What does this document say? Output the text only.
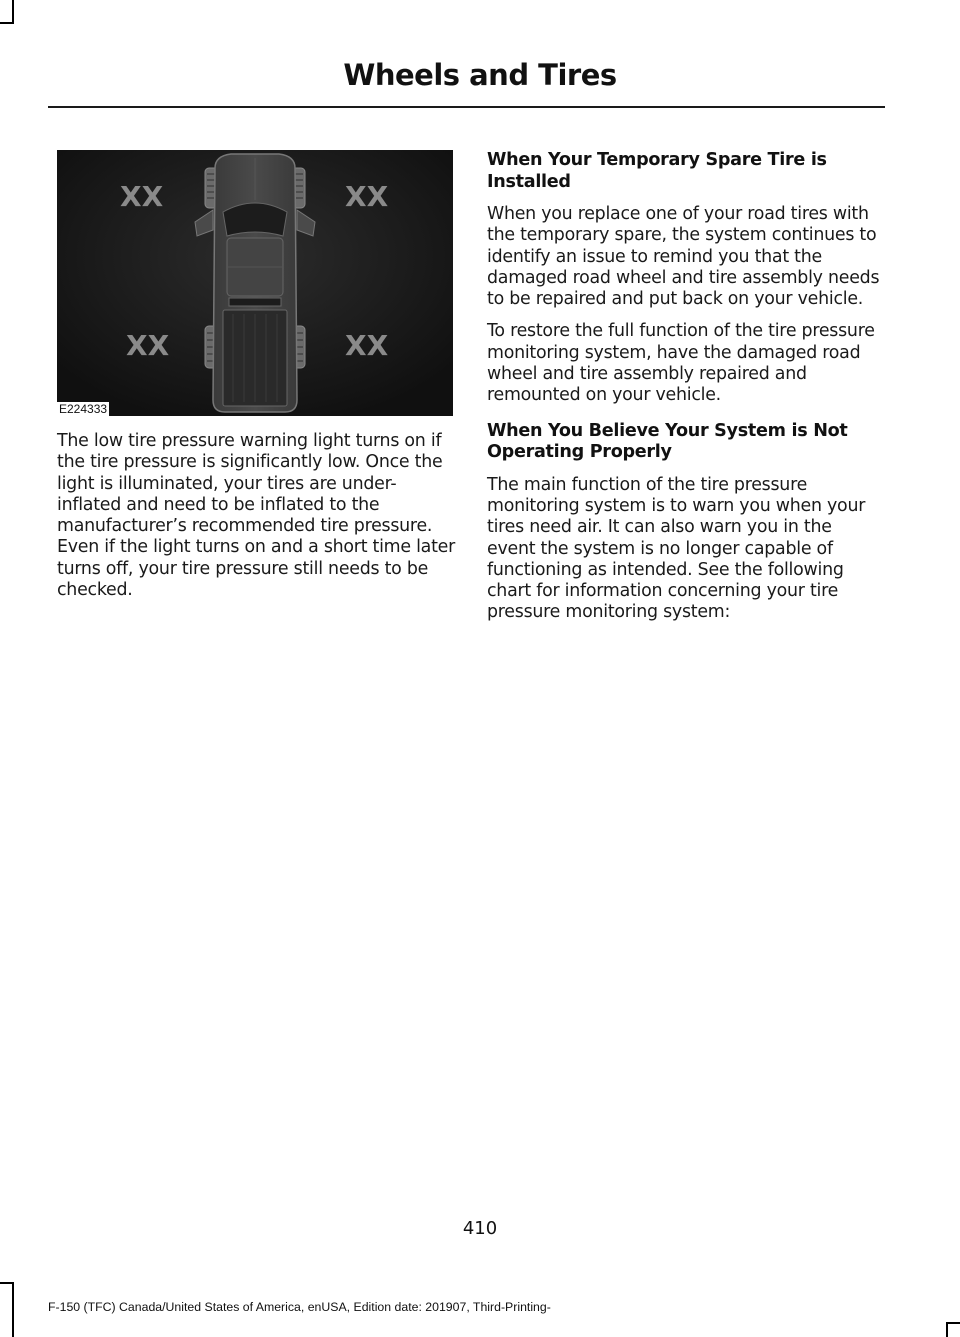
Wheels and Tires
XX	XX
XX	XX
E224333

The low tire pressure warning light turns on if the tire pressure is significantly low. Once the light is illuminated, your tires are under-inflated and need to be inflated to the manufacturer’s recommended tire pressure. Even if the light turns on and a short time later turns off, your tire pressure still needs to be checked.

When Your Temporary Spare Tire is Installed

When you replace one of your road tires with the temporary spare, the system continues to identify an issue to remind you that the damaged road wheel and tire assembly needs to be repaired and put back on your vehicle.

To restore the full function of the tire pressure monitoring system, have the damaged road wheel and tire assembly repaired and remounted on your vehicle.

When You Believe Your System is Not Operating Properly

The main function of the tire pressure monitoring system is to warn you when your tires need air. It can also warn you in the event the system is no longer capable of functioning as intended. See the following chart for information concerning your tire pressure monitoring system:

410
F-150 (TFC) Canada/United States of America, enUSA, Edition date: 201907, Third-Printing-
